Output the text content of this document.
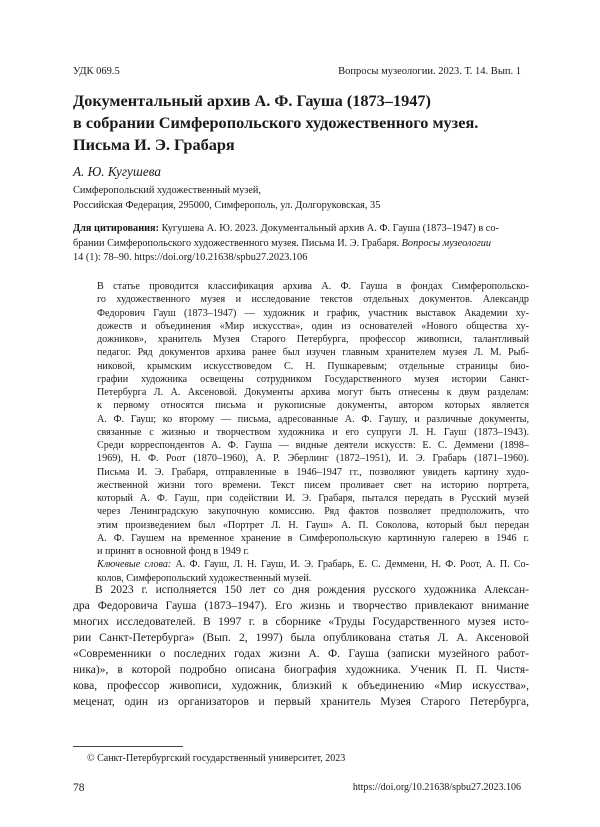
УДК 069.5	Вопросы музеологии. 2023. Т. 14. Вып. 1
Документальный архив А. Ф. Гауша (1873–1947)
в собрании Симферопольского художественного музея.
Письма И. Э. Грабаря
А. Ю. Кугушева
Симферопольский художественный музей,
Российская Федерация, 295000, Симферополь, ул. Долгоруковская, 35
Для цитирования: Кугушева А. Ю. 2023. Документальный архив А. Ф. Гауша (1873–1947) в со-
брании Симферопольского художественного музея. Письма И. Э. Грабаря. Вопросы музеологии
14 (1): 78–90. https://doi.org/10.21638/spbu27.2023.106
В статье проводится классификация архива А. Ф. Гауша в фондах Симферопольско-
го художественного музея и исследование текстов отдельных документов. Александр
Федорович Гауш (1873–1947) — художник и график, участник выставок Академии ху-
дожеств и объединения «Мир искусства», один из основателей «Нового общества ху-
дожников», хранитель Музея Старого Петербурга, профессор живописи, талантливый
педагог. Ряд документов архива ранее был изучен главным хранителем музея Л. М. Рыб-
никовой, крымским искусствоведом С. Н. Пушкаревым; отдельные страницы био-
графии художника освещены сотрудником Государственного музея истории Санкт-
Петербурга Л. А. Аксеновой. Документы архива могут быть отнесены к двум разделам:
к первому относятся письма и рукописные документы, автором которых является
А. Ф. Гауш; ко второму — письма, адресованные А. Ф. Гаушу, и различные документы,
связанные с жизнью и творчеством художника и его супруги Л. Н. Гауш (1873–1943).
Среди корреспондентов А. Ф. Гауша — видные деятели искусств: Е. С. Деммени (1898–
1969), Н. Ф. Роот (1870–1960), А. Р. Эберлинг (1872–1951), И. Э. Грабарь (1871–1960).
Письма И. Э. Грабаря, отправленные в 1946–1947 гг., позволяют увидеть картину худо-
жественной жизни того времени. Текст писем проливает свет на историю портрета,
который А. Ф. Гауш, при содействии И. Э. Грабаря, пытался передать в Русский музей
через Ленинградскую закупочную комиссию. Ряд фактов позволяет предположить, что
этим произведением был «Портрет Л. Н. Гауш» А. П. Соколова, который был передан
А. Ф. Гаушем на временное хранение в Симферопольскую картинную галерею в 1946 г.
и принят в основной фонд в 1949 г.
Ключевые слова: А. Ф. Гауш, Л. Н. Гауш, И. Э. Грабарь, Е. С. Деммени, Н. Ф. Роот, А. П. Со-
колов, Симферопольский художественный музей.
В 2023 г. исполняется 150 лет со дня рождения русского художника Алексан-
дра Федоровича Гауша (1873–1947). Его жизнь и творчество привлекают внимание
многих исследователей. В 1997 г. в сборнике «Труды Государственного музея исто-
рии Санкт-Петербурга» (Вып. 2, 1997) была опубликована статья Л. А. Аксеновой
«Современники о последних годах жизни А. Ф. Гауша (записки музейного работ-
ника)», в которой подробно описана биография художника. Ученик П. П. Чистя-
кова, профессор живописи, художник, близкий к объединению «Мир искусства»,
меценат, один из организаторов и первый хранитель Музея Старого Петербурга,
© Санкт-Петербургский государственный университет, 2023
78	https://doi.org/10.21638/spbu27.2023.106
